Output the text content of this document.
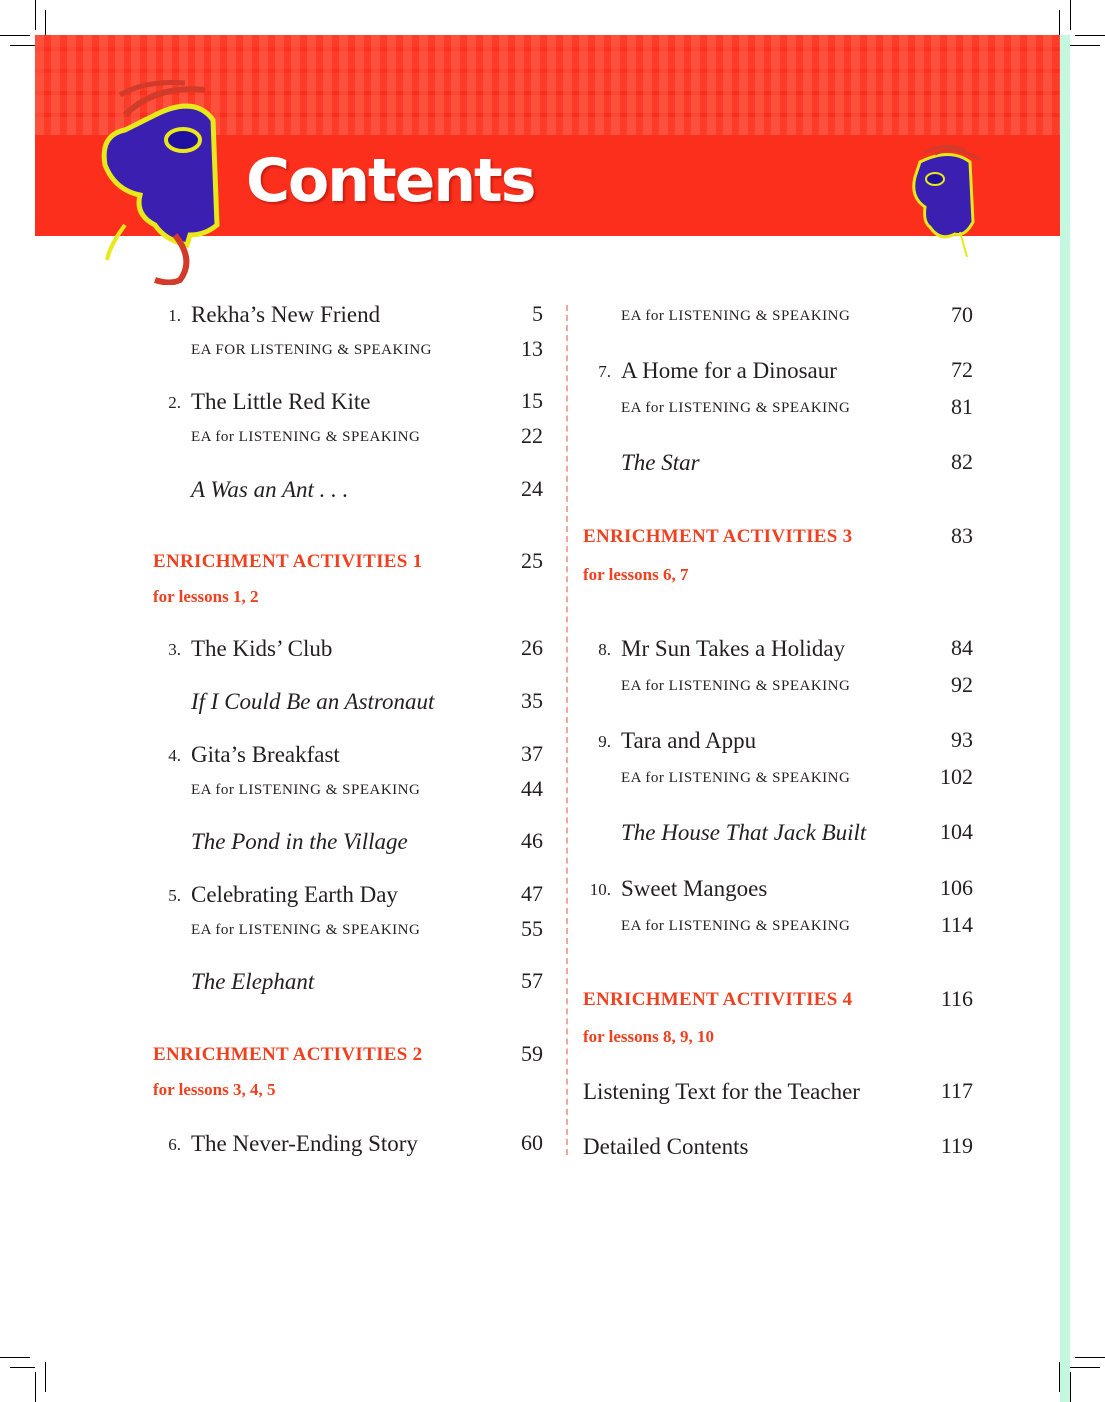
Contents
1. Rekha’s New Friend	5
EA FOR LISTENING & SPEAKING	13
2. The Little Red Kite	15
EA for LISTENING & SPEAKING	22
A Was an Ant . . .	24
ENRICHMENT ACTIVITIES 1	25
for lessons 1, 2
3. The Kids’ Club	26
If I Could Be an Astronaut	35
4. Gita’s Breakfast	37
EA for LISTENING & SPEAKING	44
The Pond in the Village	46
5. Celebrating Earth Day	47
EA for LISTENING & SPEAKING	55
The Elephant	57
ENRICHMENT ACTIVITIES 2	59
for lessons 3, 4, 5
6. The Never-Ending Story	60
EA for LISTENING & SPEAKING	70
7. A Home for a Dinosaur	72
EA for LISTENING & SPEAKING	81
The Star	82
ENRICHMENT ACTIVITIES 3	83
for lessons 6, 7
8. Mr Sun Takes a Holiday	84
EA for LISTENING & SPEAKING	92
9. Tara and Appu	93
EA for LISTENING & SPEAKING	102
The House That Jack Built	104
10. Sweet Mangoes	106
EA for LISTENING & SPEAKING	114
ENRICHMENT ACTIVITIES 4	116
for lessons 8, 9, 10
Listening Text for the Teacher	117
Detailed Contents	119
